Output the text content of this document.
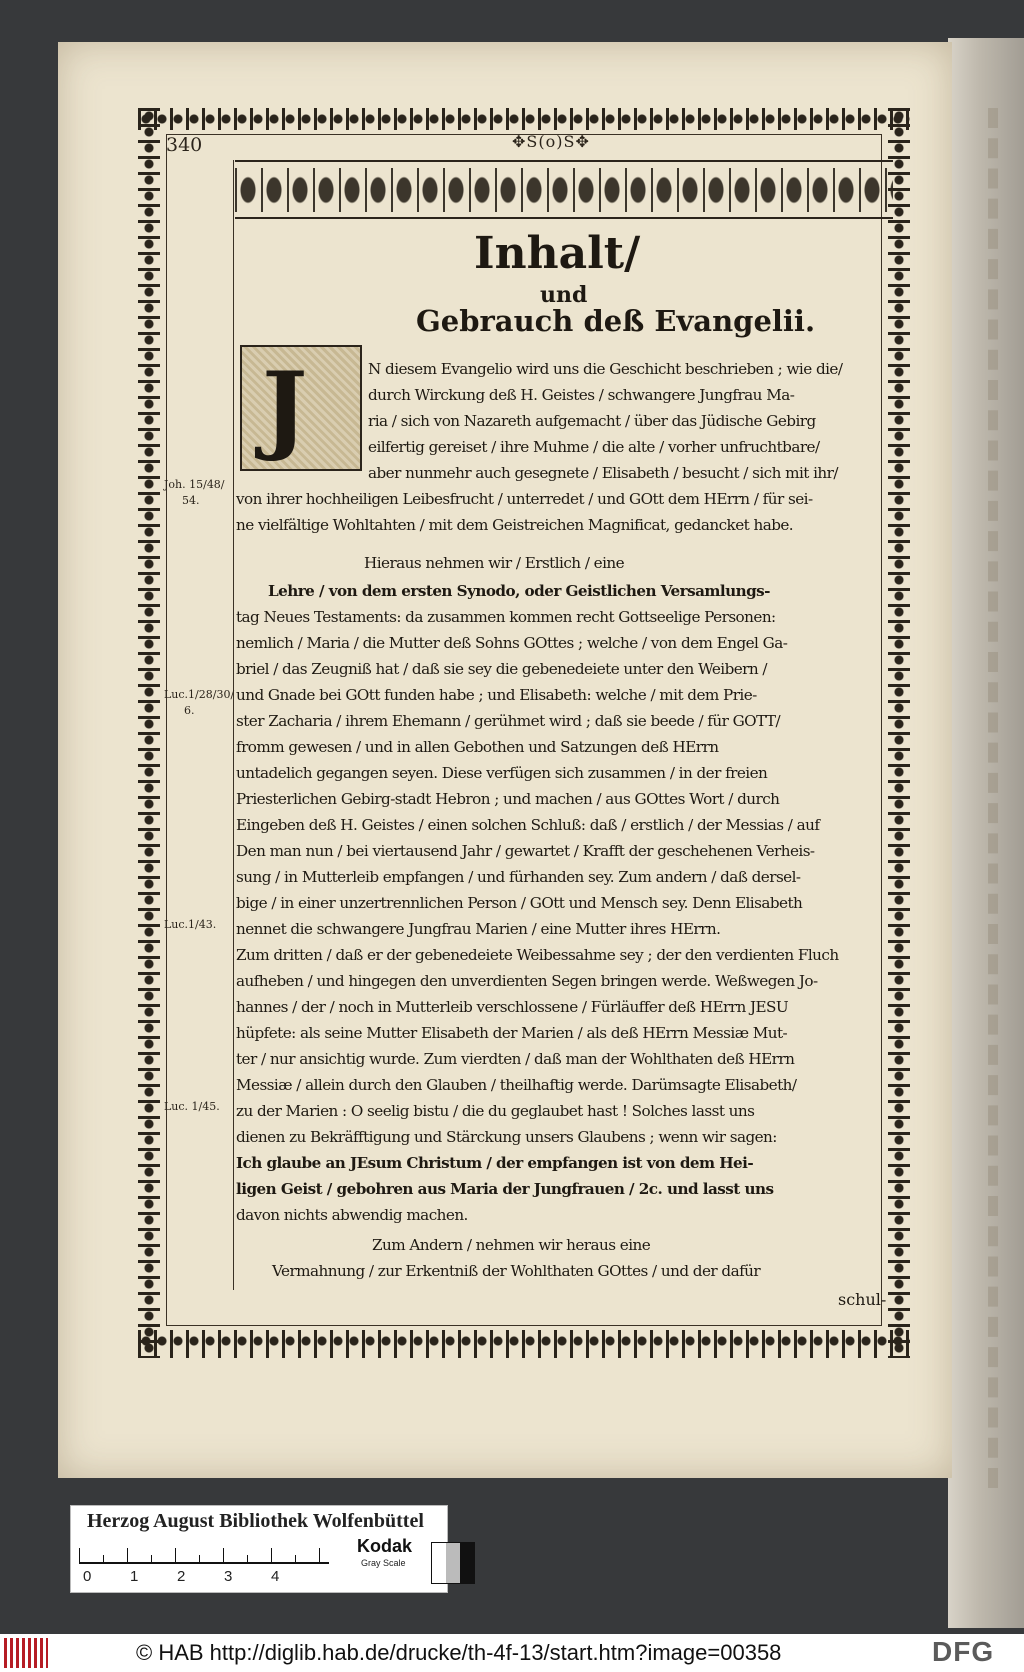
340	✥S(o)S✥
Inhalt/
und
Gebrauch deß Evangelii.
J
Joh. 15/48/
54.
Luc.1/28/30/
6.
Luc.1/43.
Luc. 1/45.
N diesem Evangelio wird uns die Geschicht beschrieben ; wie die/
durch Wirckung deß H. Geistes / schwangere Jungfrau Ma-
ria / sich von Nazareth aufgemacht / über das Jüdische Gebirg
eilfertig gereiset / ihre Muhme / die alte / vorher unfruchtbare/
aber nunmehr auch gesegnete / Elisabeth / besucht / sich mit ihr/
von ihrer hochheiligen Leibesfrucht / unterredet / und GOtt dem HErrn / für sei-
ne vielfältige Wohltahten / mit dem Geistreichen Magnificat, gedancket habe.
Hieraus nehmen wir / Erstlich / eine
Lehre / von dem ersten Synodo, oder Geistlichen Versamlungs-
tag Neues Testaments: da zusammen kommen recht Gottseelige Personen:
nemlich / Maria / die Mutter deß Sohns GOttes ; welche / von dem Engel Ga-
briel / das Zeugniß hat / daß sie sey die gebenedeiete unter den Weibern /
und Gnade bei GOtt funden habe ; und Elisabeth: welche / mit dem Prie-
ster Zacharia / ihrem Ehemann / gerühmet wird ; daß sie beede / für GOTT/
fromm gewesen / und in allen Gebothen und Satzungen deß HErrn
untadelich gegangen seyen. Diese verfügen sich zusammen / in der freien
Priesterlichen Gebirg-stadt Hebron ; und machen / aus GOttes Wort / durch
Eingeben deß H. Geistes / einen solchen Schluß: daß / erstlich / der Messias / auf
Den man nun / bei viertausend Jahr / gewartet / Krafft der geschehenen Verheis-
sung / in Mutterleib empfangen / und fürhanden sey. Zum andern / daß dersel-
bige / in einer unzertrennlichen Person / GOtt und Mensch sey. Denn Elisabeth
nennet die schwangere Jungfrau Marien / eine Mutter ihres HErrn.
Zum dritten / daß er der gebenedeiete Weibessahme sey ; der den verdienten Fluch
aufheben / und hingegen den unverdienten Segen bringen werde. Weßwegen Jo-
hannes / der / noch in Mutterleib verschlossene / Fürläuffer deß HErrn JESU
hüpfete: als seine Mutter Elisabeth der Marien / als deß HErrn Messiæ Mut-
ter / nur ansichtig wurde. Zum vierdten / daß man der Wohlthaten deß HErrn
Messiæ / allein durch den Glauben / theilhaftig werde. Darümsagte Elisabeth/
zu der Marien : O seelig bistu / die du geglaubet hast ! Solches lasst uns
dienen zu Bekräfftigung und Stärckung unsers Glaubens ; wenn wir sagen:
Ich glaube an JEsum Christum / der empfangen ist von dem Hei-
ligen Geist / gebohren aus Maria der Jungfrauen / 2c. und lasst uns
davon nichts abwendig machen.
Zum Andern / nehmen wir heraus eine
Vermahnung / zur Erkentniß der Wohlthaten GOttes / und der dafür
schul-
Herzog August Bibliothek Wolfenbüttel
0	1	2	3	4
Kodak
Gray Scale
© HAB http://diglib.hab.de/drucke/th-4f-13/start.htm?image=00358	DFG
